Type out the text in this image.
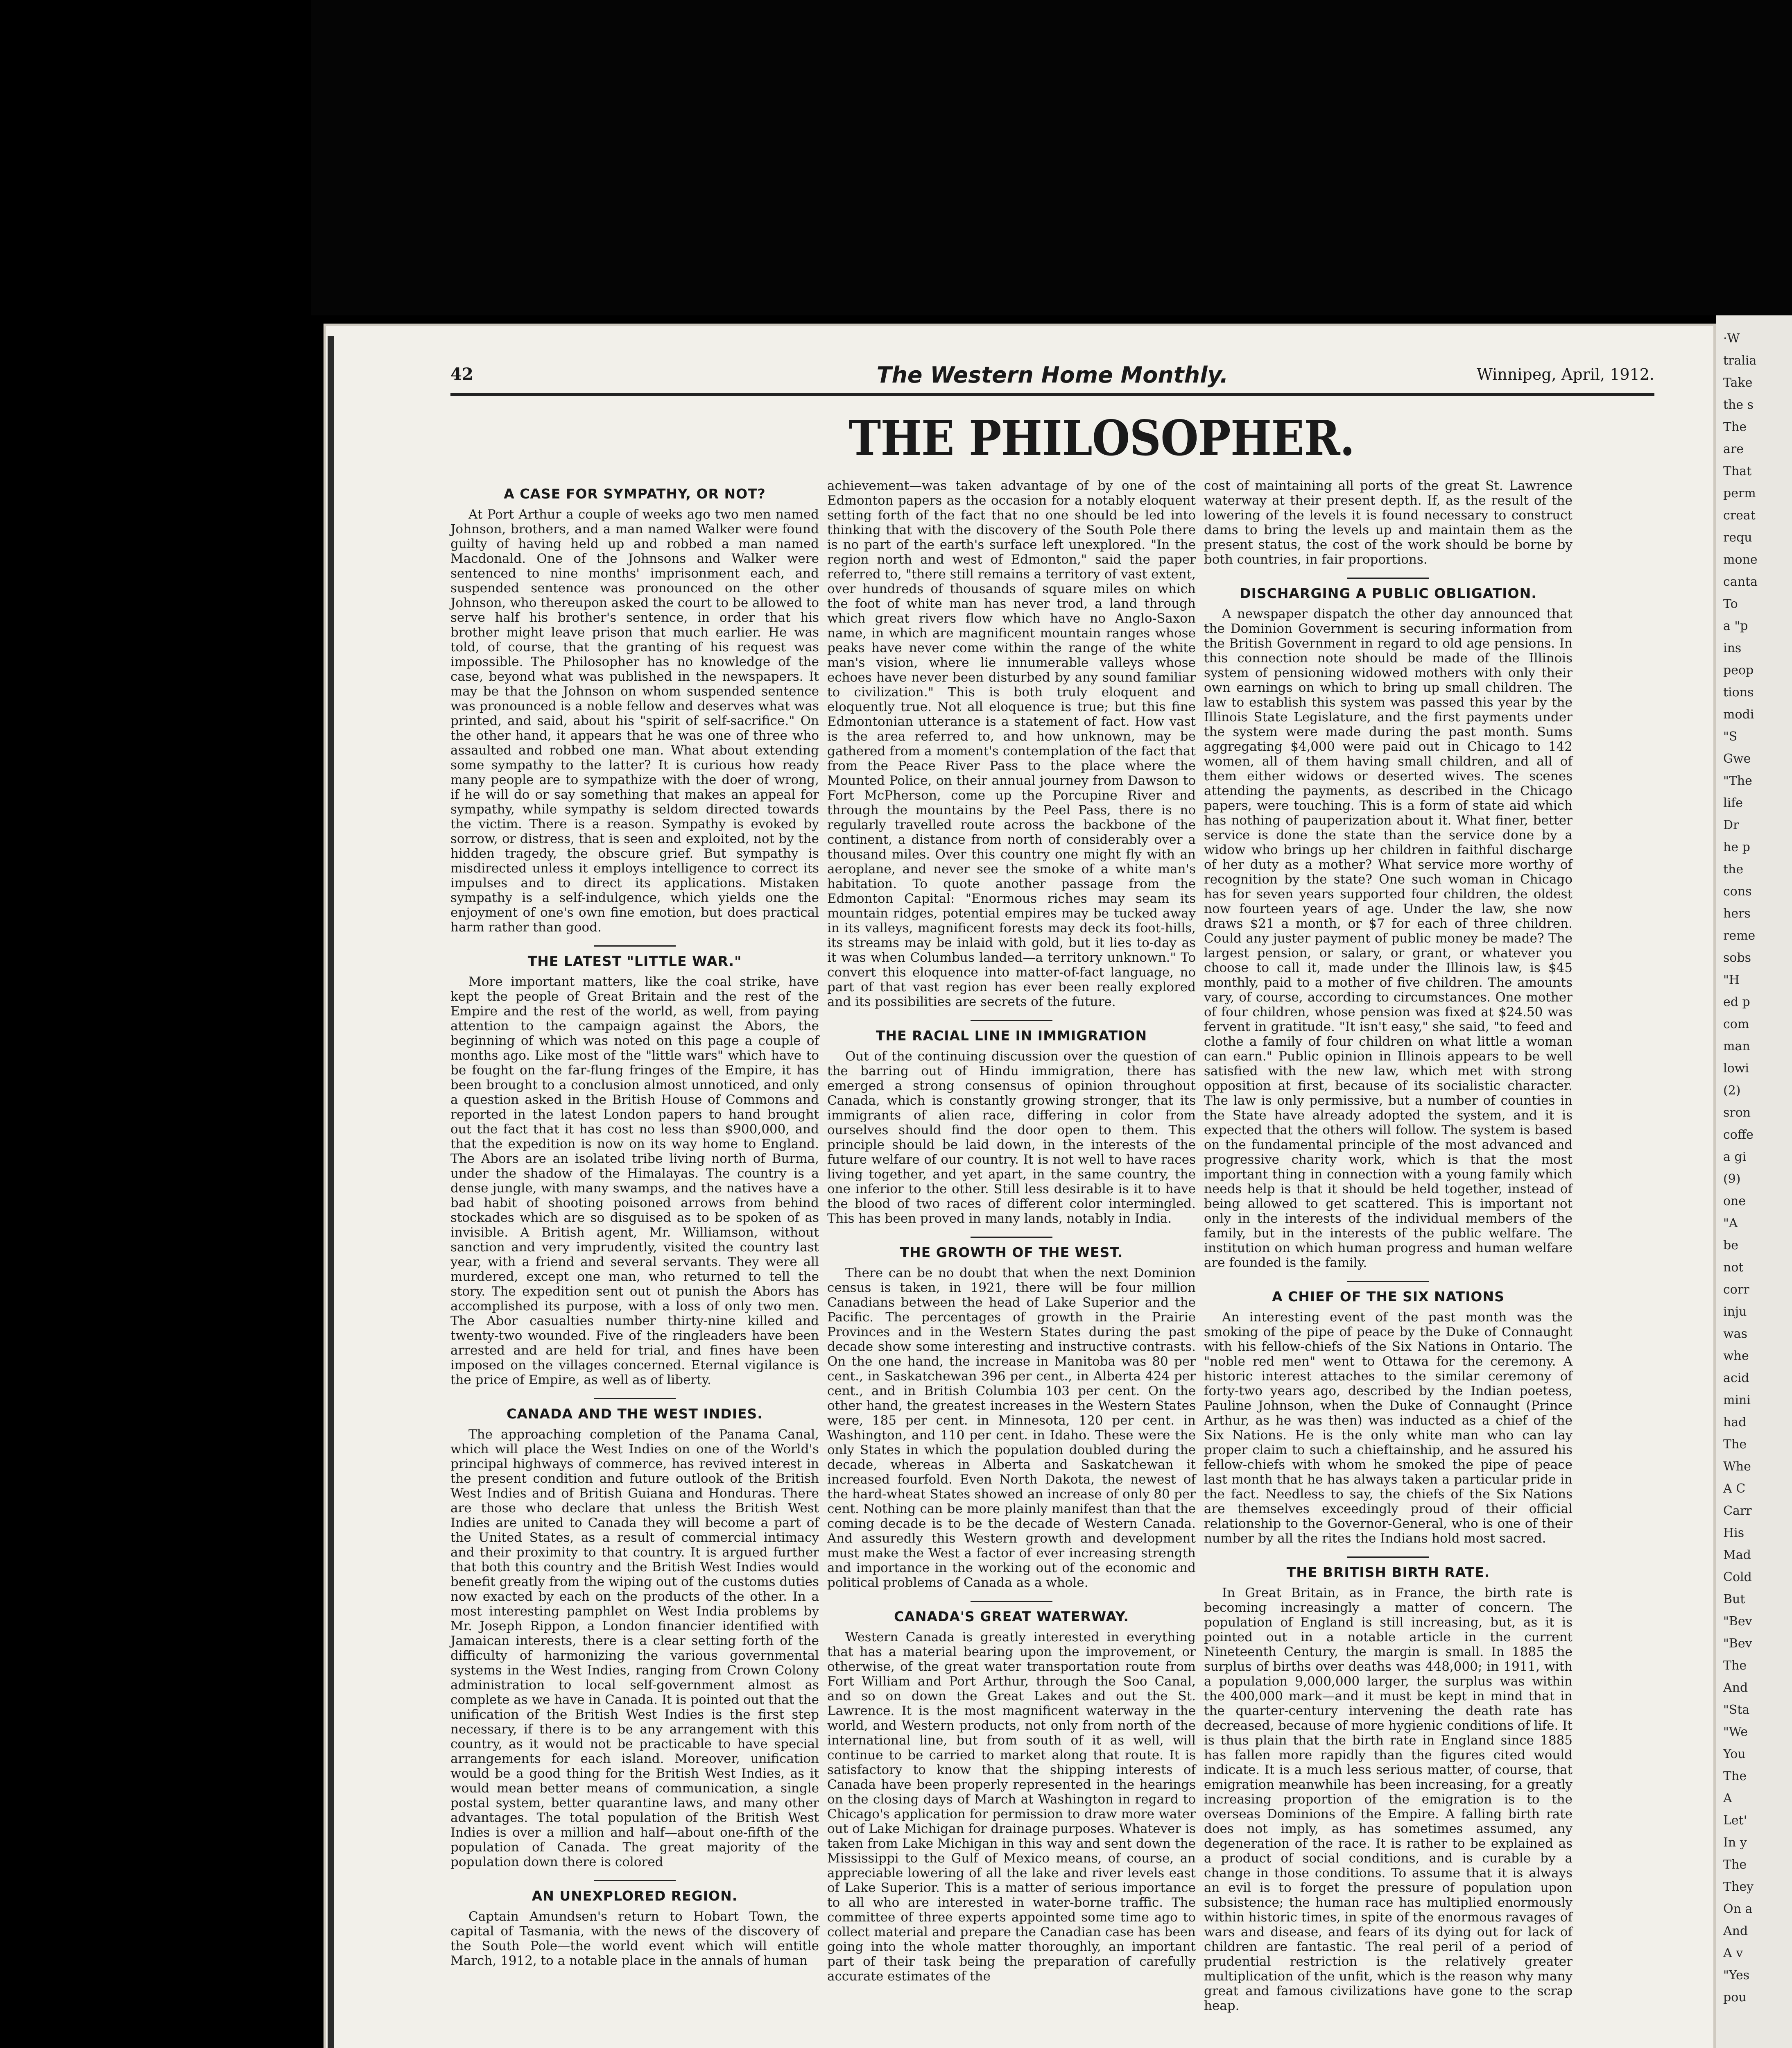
·W
tralia
Take
the s
The
are
That
perm
creat
requ
mone
canta
To
a "p
ins
peop
tions
modi
"S
Gwe
"The
life
Dr
he p
the
cons
hers
reme
sobs
"H
ed p
com
man
lowi
(2)
sron
coffe
a gi
(9)
one
"A
be
not
corr
inju
was
whe
acid
mini
had
The
Whe
A C
Carr
His
Mad
Cold
But
"Bev
"Bev
The
And
"Sta
"We
You
The
A
Let'
In y
The
They
On a
And
A v
"Yes
pou
42	The Western Home Monthly.	Winnipeg, April, 1912.
THE PHILOSOPHER.
A CASE FOR SYMPATHY, OR NOT?

At Port Arthur a couple of weeks ago two men named Johnson, brothers, and a man named Walker were found guilty of having held up and robbed a man named Macdonald. One of the Johnsons and Walker were sentenced to nine months' imprisonment each, and suspended sentence was pronounced on the other Johnson, who thereupon asked the court to be allowed to serve half his brother's sentence, in order that his brother might leave prison that much earlier. He was told, of course, that the granting of his request was impossible. The Philosopher has no knowledge of the case, beyond what was published in the newspapers. It may be that the Johnson on whom suspended sentence was pronounced is a noble fellow and deserves what was printed, and said, about his "spirit of self-sacrifice." On the other hand, it appears that he was one of three who assaulted and robbed one man. What about extending some sympathy to the latter? It is curious how ready many people are to sympathize with the doer of wrong, if he will do or say something that makes an appeal for sympathy, while sympathy is seldom directed towards the victim. There is a reason. Sympathy is evoked by sorrow, or distress, that is seen and exploited, not by the hidden tragedy, the obscure grief. But sympathy is misdirected unless it employs intelligence to correct its impulses and to direct its applications. Mistaken sympathy is a self-indulgence, which yields one the enjoyment of one's own fine emotion, but does practical harm rather than good.

THE LATEST "LITTLE WAR."

More important matters, like the coal strike, have kept the people of Great Britain and the rest of the Empire and the rest of the world, as well, from paying attention to the campaign against the Abors, the beginning of which was noted on this page a couple of months ago. Like most of the "little wars" which have to be fought on the far-flung fringes of the Empire, it has been brought to a conclusion almost unnoticed, and only a question asked in the British House of Commons and reported in the latest London papers to hand brought out the fact that it has cost no less than $900,000, and that the expedition is now on its way home to England. The Abors are an isolated tribe living north of Burma, under the shadow of the Himalayas. The country is a dense jungle, with many swamps, and the natives have a bad habit of shooting poisoned arrows from behind stockades which are so disguised as to be spoken of as invisible. A British agent, Mr. Williamson, without sanction and very imprudently, visited the country last year, with a friend and several servants. They were all murdered, except one man, who returned to tell the story. The expedition sent out ot punish the Abors has accomplished its purpose, with a loss of only two men. The Abor casualties number thirty-nine killed and twenty-two wounded. Five of the ringleaders have been arrested and are held for trial, and fines have been imposed on the villages concerned. Eternal vigilance is the price of Empire, as well as of liberty.

CANADA AND THE WEST INDIES.

The approaching completion of the Panama Canal, which will place the West Indies on one of the World's principal highways of commerce, has revived interest in the present condition and future outlook of the British West Indies and of British Guiana and Honduras. There are those who declare that unless the British West Indies are united to Canada they will become a part of the United States, as a result of commercial intimacy and their proximity to that country. It is argued further that both this country and the British West Indies would benefit greatly from the wiping out of the customs duties now exacted by each on the products of the other. In a most interesting pamphlet on West India problems by Mr. Joseph Rippon, a London financier identified with Jamaican interests, there is a clear setting forth of the difficulty of harmonizing the various governmental systems in the West Indies, ranging from Crown Colony administration to local self-government almost as complete as we have in Canada. It is pointed out that the unification of the British West Indies is the first step necessary, if there is to be any arrangement with this country, as it would not be practicable to have special arrangements for each island. Moreover, unification would be a good thing for the British West Indies, as it would mean better means of communication, a single postal system, better quarantine laws, and many other advantages. The total population of the British West Indies is over a million and half—about one-fifth of the population of Canada. The great majority of the population down there is colored

AN UNEXPLORED REGION.

Captain Amundsen's return to Hobart Town, the capital of Tasmania, with the news of the discovery of the South Pole—the world event which will entitle March, 1912, to a notable place in the annals of human

achievement—was taken advantage of by one of the Edmonton papers as the occasion for a notably eloquent setting forth of the fact that no one should be led into thinking that with the discovery of the South Pole there is no part of the earth's surface left unexplored. "In the region north and west of Edmonton," said the paper referred to, "there still remains a territory of vast extent, over hundreds of thousands of square miles on which the foot of white man has never trod, a land through which great rivers flow which have no Anglo-Saxon name, in which are magnificent mountain ranges whose peaks have never come within the range of the white man's vision, where lie innumerable valleys whose echoes have never been disturbed by any sound familiar to civilization." This is both truly eloquent and eloquently true. Not all eloquence is true; but this fine Edmontonian utterance is a statement of fact. How vast is the area referred to, and how unknown, may be gathered from a moment's contemplation of the fact that from the Peace River Pass to the place where the Mounted Police, on their annual journey from Dawson to Fort McPherson, come up the Porcupine River and through the mountains by the Peel Pass, there is no regularly travelled route across the backbone of the continent, a distance from north of considerably over a thousand miles. Over this country one might fly with an aeroplane, and never see the smoke of a white man's habitation. To quote another passage from the Edmonton Capital: "Enormous riches may seam its mountain ridges, potential empires may be tucked away in its valleys, magnificent forests may deck its foot-hills, its streams may be inlaid with gold, but it lies to-day as it was when Columbus landed—a territory unknown." To convert this eloquence into matter-of-fact language, no part of that vast region has ever been really explored and its possibilities are secrets of the future.

THE RACIAL LINE IN IMMIGRATION

Out of the continuing discussion over the question of the barring out of Hindu immigration, there has emerged a strong consensus of opinion throughout Canada, which is constantly growing stronger, that its immigrants of alien race, differing in color from ourselves should find the door open to them. This principle should be laid down, in the interests of the future welfare of our country. It is not well to have races living together, and yet apart, in the same country, the one inferior to the other. Still less desirable is it to have the blood of two races of different color intermingled. This has been proved in many lands, notably in India.

THE GROWTH OF THE WEST.

There can be no doubt that when the next Dominion census is taken, in 1921, there will be four million Canadians between the head of Lake Superior and the Pacific. The percentages of growth in the Prairie Provinces and in the Western States during the past decade show some interesting and instructive contrasts. On the one hand, the increase in Manitoba was 80 per cent., in Saskatchewan 396 per cent., in Alberta 424 per cent., and in British Columbia 103 per cent. On the other hand, the greatest increases in the Western States were, 185 per cent. in Minnesota, 120 per cent. in Washington, and 110 per cent. in Idaho. These were the only States in which the population doubled during the decade, whereas in Alberta and Saskatchewan it increased fourfold. Even North Dakota, the newest of the hard-wheat States showed an increase of only 80 per cent. Nothing can be more plainly manifest than that the coming decade is to be the decade of Western Canada. And assuredly this Western growth and development must make the West a factor of ever increasing strength and importance in the working out of the economic and political problems of Canada as a whole.

CANADA'S GREAT WATERWAY.

Western Canada is greatly interested in everything that has a material bearing upon the improvement, or otherwise, of the great water transportation route from Fort William and Port Arthur, through the Soo Canal, and so on down the Great Lakes and out the St. Lawrence. It is the most magnificent waterway in the world, and Western products, not only from north of the international line, but from south of it as well, will continue to be carried to market along that route. It is satisfactory to know that the shipping interests of Canada have been properly represented in the hearings on the closing days of March at Washington in regard to Chicago's application for permission to draw more water out of Lake Michigan for drainage purposes. Whatever is taken from Lake Michigan in this way and sent down the Mississippi to the Gulf of Mexico means, of course, an appreciable lowering of all the lake and river levels east of Lake Superior. This is a matter of serious importance to all who are interested in water-borne traffic. The committee of three experts appointed some time ago to collect material and prepare the Canadian case has been going into the whole matter thoroughly, an important part of their task being the preparation of carefully accurate estimates of the

cost of maintaining all ports of the great St. Lawrence waterway at their present depth. If, as the result of the lowering of the levels it is found necessary to construct dams to bring the levels up and maintain them as the present status, the cost of the work should be borne by both countries, in fair proportions.

DISCHARGING A PUBLIC OBLIGATION.

A newspaper dispatch the other day announced that the Dominion Government is securing information from the British Government in regard to old age pensions. In this connection note should be made of the Illinois system of pensioning widowed mothers with only their own earnings on which to bring up small children. The law to establish this system was passed this year by the Illinois State Legislature, and the first payments under the system were made during the past month. Sums aggregating $4,000 were paid out in Chicago to 142 women, all of them having small children, and all of them either widows or deserted wives. The scenes attending the payments, as described in the Chicago papers, were touching. This is a form of state aid which has nothing of pauperization about it. What finer, better service is done the state than the service done by a widow who brings up her children in faithful discharge of her duty as a mother? What service more worthy of recognition by the state? One such woman in Chicago has for seven years supported four children, the oldest now fourteen years of age. Under the law, she now draws $21 a month, or $7 for each of three children. Could any juster payment of public money be made? The largest pension, or salary, or grant, or whatever you choose to call it, made under the Illinois law, is $45 monthly, paid to a mother of five children. The amounts vary, of course, according to circumstances. One mother of four children, whose pension was fixed at $24.50 was fervent in gratitude. "It isn't easy," she said, "to feed and clothe a family of four children on what little a woman can earn." Public opinion in Illinois appears to be well satisfied with the new law, which met with strong opposition at first, because of its socialistic character. The law is only permissive, but a number of counties in the State have already adopted the system, and it is expected that the others will follow. The system is based on the fundamental principle of the most advanced and progressive charity work, which is that the most important thing in connection with a young family which needs help is that it should be held together, instead of being allowed to get scattered. This is important not only in the interests of the individual members of the family, but in the interests of the public welfare. The institution on which human progress and human welfare are founded is the family.

A CHIEF OF THE SIX NATIONS

An interesting event of the past month was the smoking of the pipe of peace by the Duke of Connaught with his fellow-chiefs of the Six Nations in Ontario. The "noble red men" went to Ottawa for the ceremony. A historic interest attaches to the similar ceremony of forty-two years ago, described by the Indian poetess, Pauline Johnson, when the Duke of Connaught (Prince Arthur, as he was then) was inducted as a chief of the Six Nations. He is the only white man who can lay proper claim to such a chieftainship, and he assured his fellow-chiefs with whom he smoked the pipe of peace last month that he has always taken a particular pride in the fact. Needless to say, the chiefs of the Six Nations are themselves exceedingly proud of their official relationship to the Governor-General, who is one of their number by all the rites the Indians hold most sacred.

THE BRITISH BIRTH RATE.

In Great Britain, as in France, the birth rate is becoming increasingly a matter of concern. The population of England is still increasing, but, as it is pointed out in a notable article in the current Nineteenth Century, the margin is small. In 1885 the surplus of births over deaths was 448,000; in 1911, with a population 9,000,000 larger, the surplus was within the 400,000 mark—and it must be kept in mind that in the quarter-century intervening the death rate has decreased, because of more hygienic conditions of life. It is thus plain that the birth rate in England since 1885 has fallen more rapidly than the figures cited would indicate. It is a much less serious matter, of course, that emigration meanwhile has been increasing, for a greatly increasing proportion of the emigration is to the overseas Dominions of the Empire. A falling birth rate does not imply, as has sometimes assumed, any degeneration of the race. It is rather to be explained as a product of social conditions, and is curable by a change in those conditions. To assume that it is always an evil is to forget the pressure of population upon subsistence; the human race has multiplied enormously within historic times, in spite of the enormous ravages of wars and disease, and fears of its dying out for lack of children are fantastic. The real peril of a period of prudential restriction is the relatively greater multiplication of the unfit, which is the reason why many great and famous civilizations have gone to the scrap heap.
